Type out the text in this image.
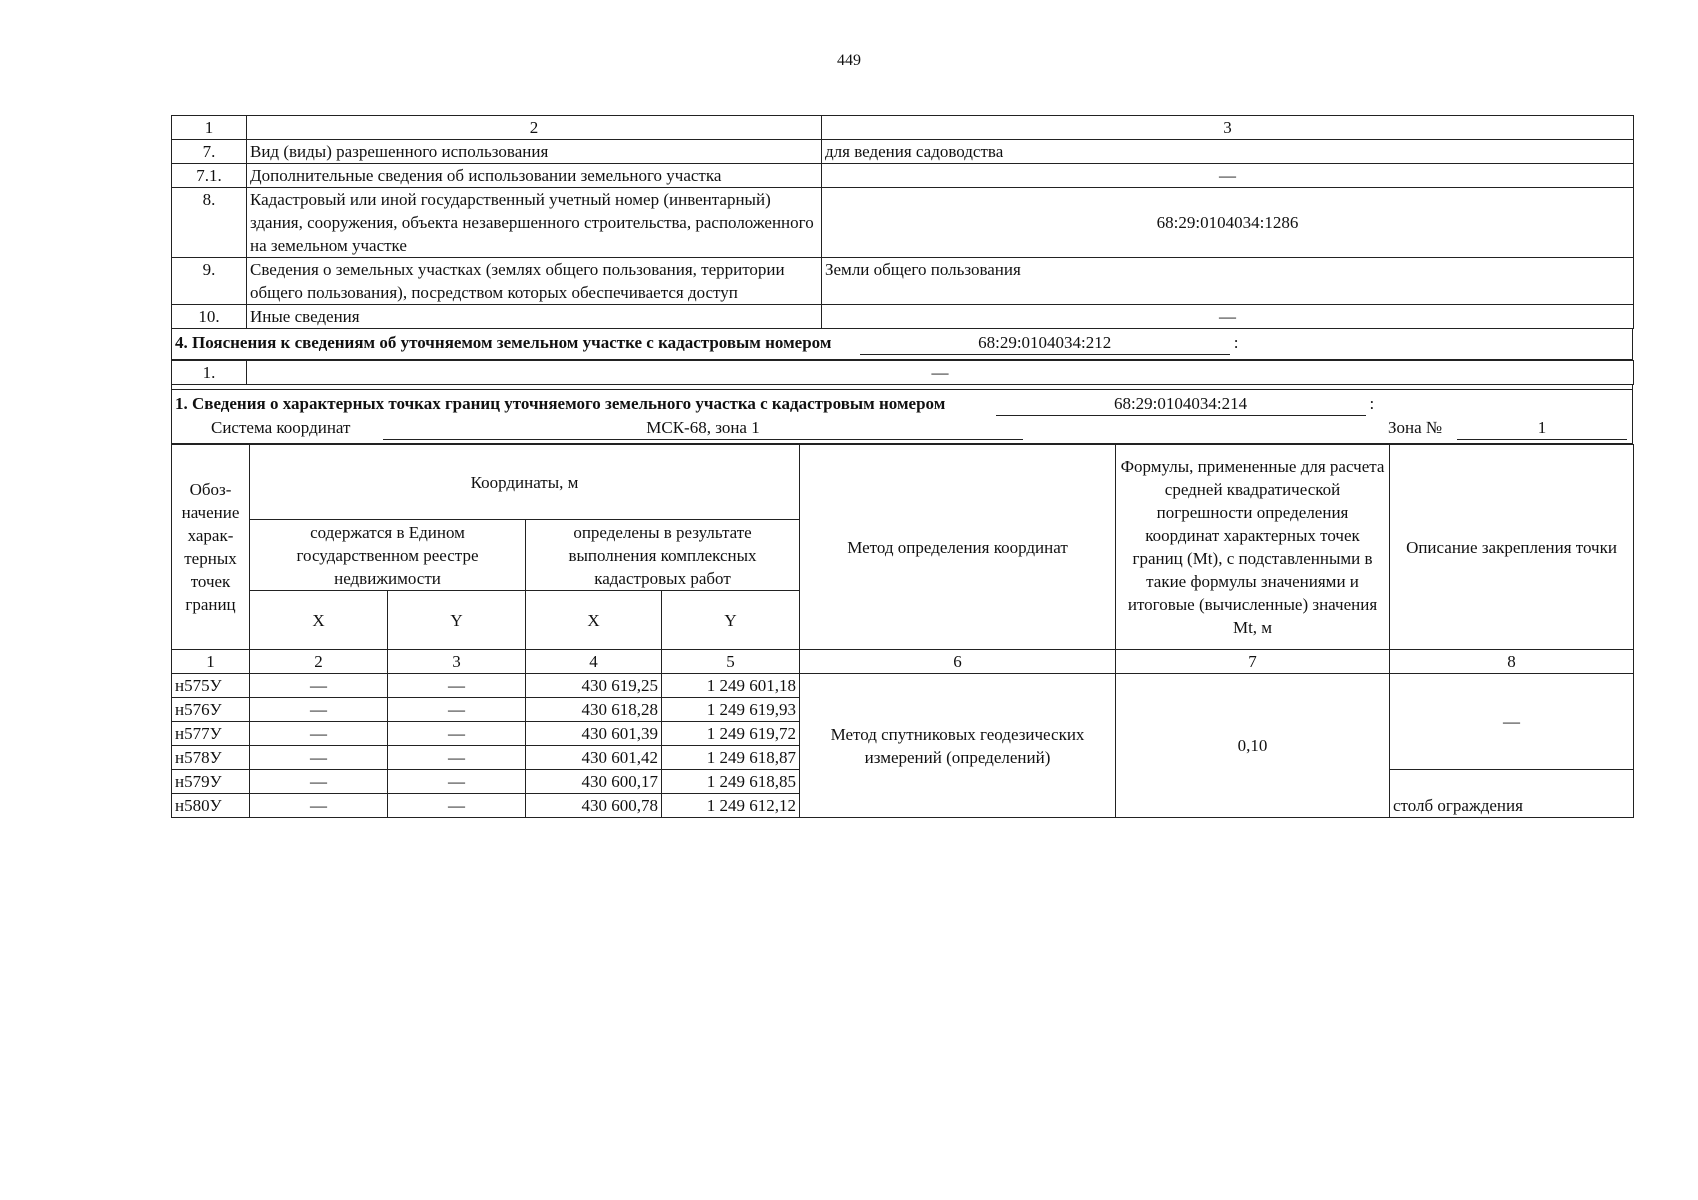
449
1	2	3
7.	Вид (виды) разрешенного использования	для ведения садоводства
7.1.	Дополнительные сведения об использовании земельного участка	—
8.	Кадастровый или иной государственный учетный номер (инвентарный) здания, сооружения, объекта незавершенного строительства, расположенного на земельном участке	68:29:0104034:1286
9.	Сведения о земельных участках (землях общего пользования, территории общего пользования), посредством которых обеспечивается доступ	Земли общего пользования
10.	Иные сведения	—
4. Пояснения к сведениям об уточняемом земельном участке с кадастровым номером	68:29:0104034:212	:
1.	—
1. Сведения о характерных точках границ уточняемого земельного участка с кадастровым номером	68:29:0104034:214	:
Система координат	МСК-68, зона 1	Зона №	1
Обоз-начение харак-терных точек границ	Координаты, м				Метод определения координат	Формулы, примененные для расчета средней квадратической погрешности определения координат характерных точек границ (Mt), с подставленными в такие формулы значениями и итоговые (вычисленные) значения Mt, м	Описание закрепления точки
	содержатся в Едином государственном реестре недвижимости		определены в результате выполнения комплексных кадастровых работ				
	X	Y	X	Y			
1	2	3	4	5	6	7	8
н575У	—	—	430 619,25	1 249 601,18	Метод спутниковых геодезических измерений (определений)	0,10	—
н576У	—	—	430 618,28	1 249 619,93			
н577У	—	—	430 601,39	1 249 619,72			
н578У	—	—	430 601,42	1 249 618,87			
н579У	—	—	430 600,17	1 249 618,85			столб ограждения
н580У	—	—	430 600,78	1 249 612,12			
